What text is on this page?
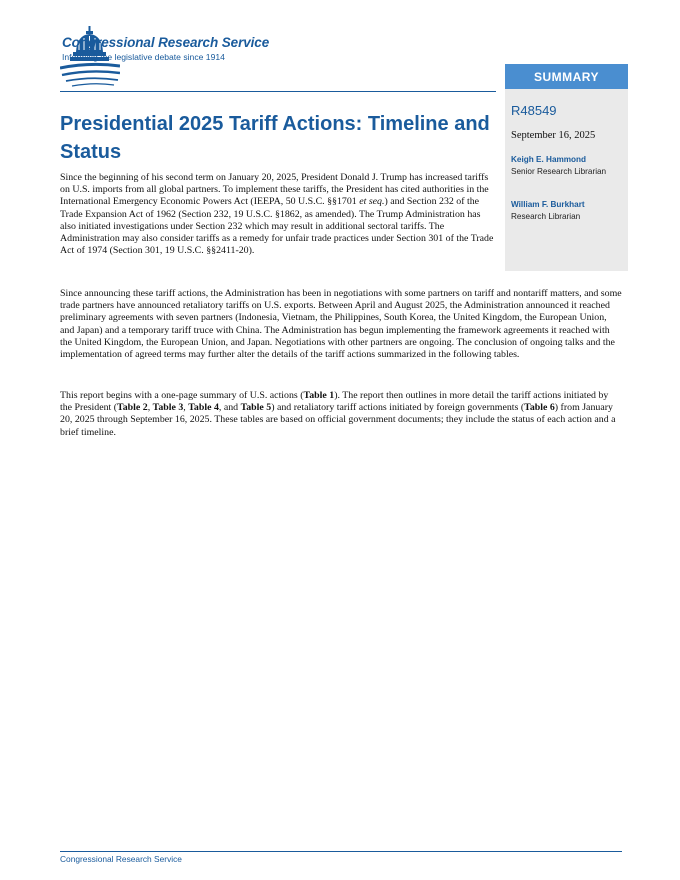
Congressional Research Service
Informing the legislative debate since 1914
SUMMARY
R48549
September 16, 2025
Keigh E. Hammond
Senior Research Librarian
William F. Burkhart
Research Librarian
Presidential 2025 Tariff Actions: Timeline and Status

Since the beginning of his second term on January 20, 2025, President Donald J. Trump has increased tariffs on U.S. imports from all global partners. To implement these tariffs, the President has cited authorities in the International Emergency Economic Powers Act (IEEPA, 50 U.S.C. §§1701 et seq.) and Section 232 of the Trade Expansion Act of 1962 (Section 232, 19 U.S.C. §1862, as amended). The Trump Administration has also initiated investigations under Section 232 which may result in additional sectoral tariffs. The Administration may also consider tariffs as a remedy for unfair trade practices under Section 301 of the Trade Act of 1974 (Section 301, 19 U.S.C. §§2411-20).

Since announcing these tariff actions, the Administration has been in negotiations with some partners on tariff and nontariff matters, and some trade partners have announced retaliatory tariffs on U.S. exports. Between April and August 2025, the Administration announced it reached preliminary agreements with seven partners (Indonesia, Vietnam, the Philippines, South Korea, the United Kingdom, the European Union, and Japan) and a temporary tariff truce with China. The Administration has begun implementing the framework agreements it reached with the United Kingdom, the European Union, and Japan. Negotiations with other partners are ongoing. The conclusion of ongoing talks and the implementation of agreed terms may further alter the details of the tariff actions summarized in the following tables.

This report begins with a one-page summary of U.S. actions (Table 1). The report then outlines in more detail the tariff actions initiated by the President (Table 2, Table 3, Table 4, and Table 5) and retaliatory tariff actions initiated by foreign governments (Table 6) from January 20, 2025 through September 16, 2025. These tables are based on official government documents; they include the status of each action and a brief timeline.

Congressional Research Service
